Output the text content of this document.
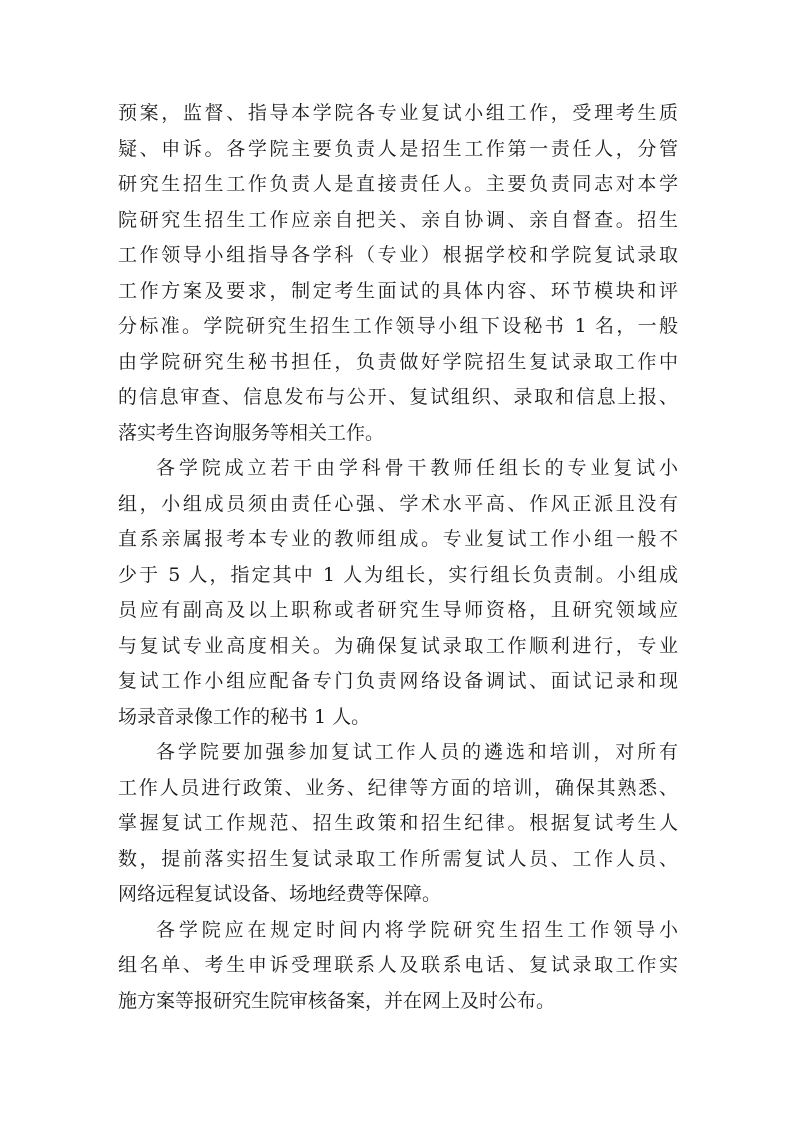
预案，监督、指导本学院各专业复试小组工作，受理考生质
疑、申诉。各学院主要负责人是招生工作第一责任人，分管
研究生招生工作负责人是直接责任人。主要负责同志对本学
院研究生招生工作应亲自把关、亲自协调、亲自督查。招生
工作领导小组指导各学科（专业）根据学校和学院复试录取
工作方案及要求，制定考生面试的具体内容、环节模块和评
分标准。学院研究生招生工作领导小组下设秘书 1 名，一般
由学院研究生秘书担任，负责做好学院招生复试录取工作中
的信息审查、信息发布与公开、复试组织、录取和信息上报、
落实考生咨询服务等相关工作。
各学院成立若干由学科骨干教师任组长的专业复试小
组，小组成员须由责任心强、学术水平高、作风正派且没有
直系亲属报考本专业的教师组成。专业复试工作小组一般不
少于 5 人，指定其中 1 人为组长，实行组长负责制。小组成
员应有副高及以上职称或者研究生导师资格，且研究领域应
与复试专业高度相关。为确保复试录取工作顺利进行，专业
复试工作小组应配备专门负责网络设备调试、面试记录和现
场录音录像工作的秘书 1 人。
各学院要加强参加复试工作人员的遴选和培训，对所有
工作人员进行政策、业务、纪律等方面的培训，确保其熟悉、
掌握复试工作规范、招生政策和招生纪律。根据复试考生人
数，提前落实招生复试录取工作所需复试人员、工作人员、
网络远程复试设备、场地经费等保障。
各学院应在规定时间内将学院研究生招生工作领导小
组名单、考生申诉受理联系人及联系电话、复试录取工作实
施方案等报研究生院审核备案，并在网上及时公布。
